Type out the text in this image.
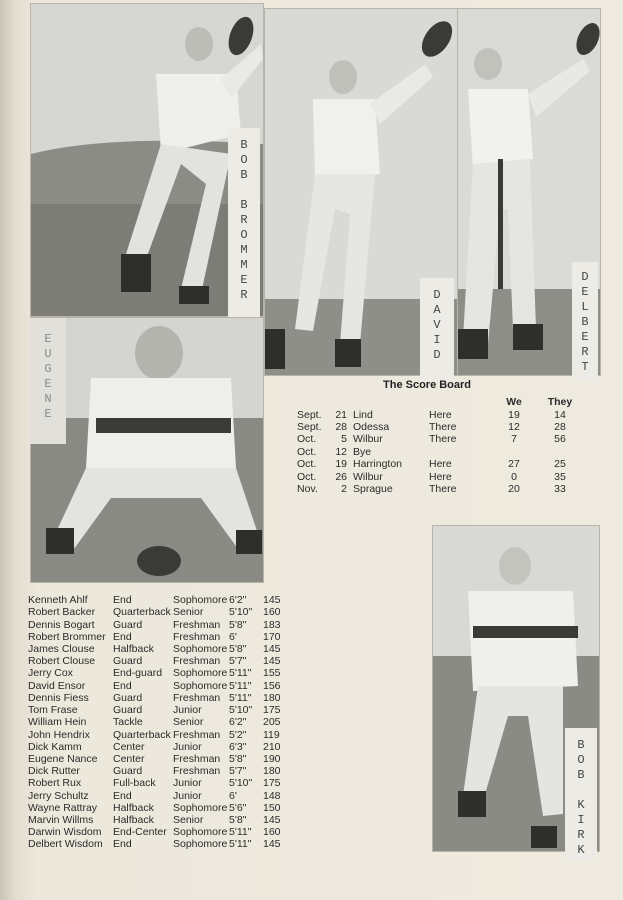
B
O
B
B
R
O
M
M
E
R	D
A
V
I
D
D
E
L
B
E
R
T
E
U
G
E
N
E
The Score Board
				We	They
Sept.	21	Lind	Here	19	14
Sept.	28	Odessa	There	12	28
Oct.	5	Wilbur	There	7	56
Oct.	12	Bye			
Oct.	19	Harrington	Here	27	25
Oct.	26	Wilbur	Here	0	35
Nov.	2	Sprague	There	20	33
B
O
B
K
I
R
K
Kenneth Ahlf	End	Sophomore	6'2"	145
Robert Backer	Quarterback	Senior	5'10"	160
Dennis Bogart	Guard	Freshman	5'8"	183
Robert Brommer	End	Freshman	6'	170
James Clouse	Halfback	Sophomore	5'8"	145
Robert Clouse	Guard	Freshman	5'7"	145
Jerry Cox	End-guard	Sophomore	5'11"	155
David Ensor	End	Sophomore	5'11"	156
Dennis Fiess	Guard	Freshman	5'11"	180
Tom Frase	Guard	Junior	5'10"	175
William Hein	Tackle	Senior	6'2"	205
John Hendrix	Quarterback	Freshman	5'2"	119
Dick Kamm	Center	Junior	6'3"	210
Eugene Nance	Center	Freshman	5'8"	190
Dick Rutter	Guard	Freshman	5'7"	180
Robert Rux	Full-back	Junior	5'10"	175
Jerry Schultz	End	Junior	6'	148
Wayne Rattray	Halfback	Sophomore	5'6"	150
Marvin Willms	Halfback	Senior	5'8"	145
Darwin Wisdom	End-Center	Sophomore	5'11"	160
Delbert Wisdom	End	Sophomore	5'11"	145
